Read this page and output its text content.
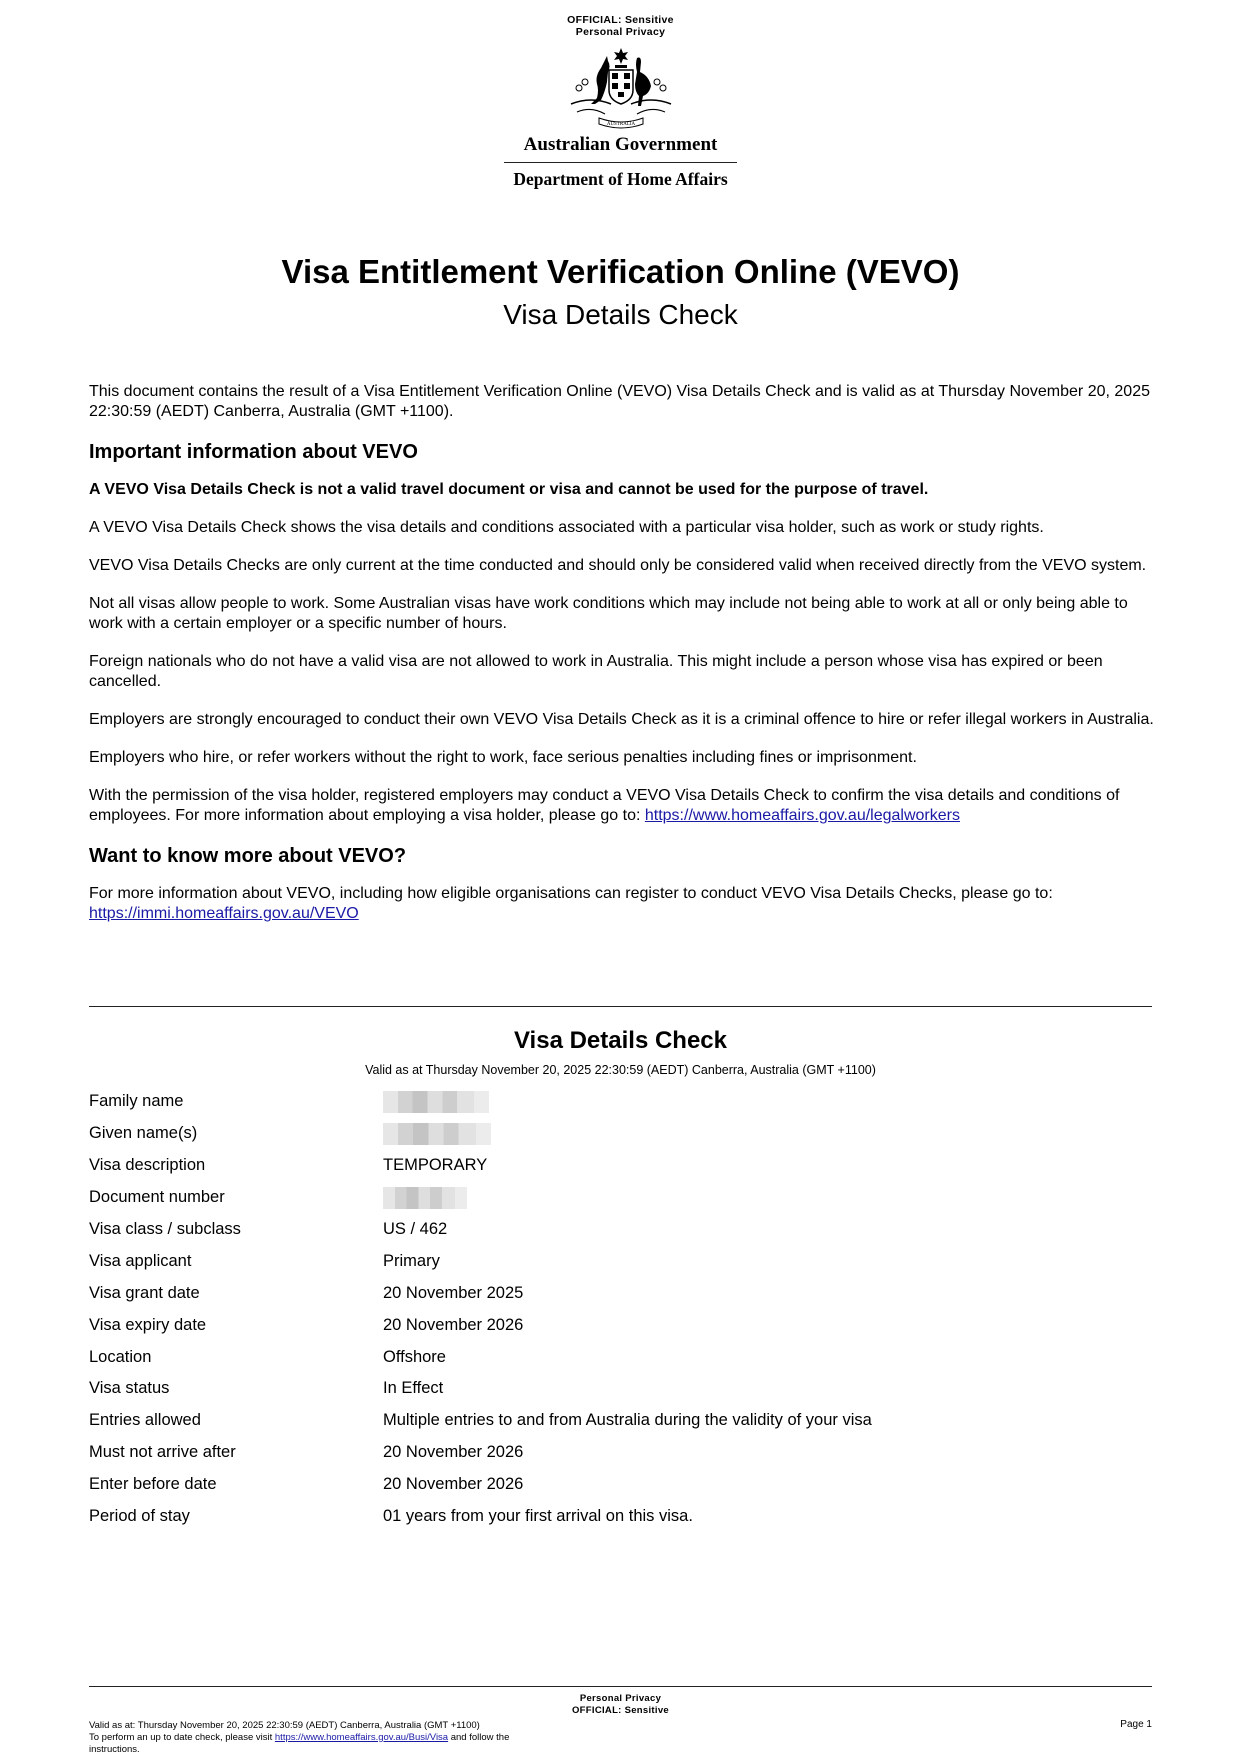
OFFICIAL: Sensitive
Personal Privacy
AUSTRALIA
Australian Government
Department of Home Affairs
Visa Entitlement Verification Online (VEVO)
Visa Details Check

This document contains the result of a Visa Entitlement Verification Online (VEVO) Visa Details Check and is valid as at Thursday November 20, 2025 22:30:59 (AEDT) Canberra, Australia (GMT +1100).

Important information about VEVO

A VEVO Visa Details Check is not a valid travel document or visa and cannot be used for the purpose of travel.

A VEVO Visa Details Check shows the visa details and conditions associated with a particular visa holder, such as work or study rights.

VEVO Visa Details Checks are only current at the time conducted and should only be considered valid when received directly from the VEVO system.

Not all visas allow people to work. Some Australian visas have work conditions which may include not being able to work at all or only being able to work with a certain employer or a specific number of hours.

Foreign nationals who do not have a valid visa are not allowed to work in Australia. This might include a person whose visa has expired or been cancelled.

Employers are strongly encouraged to conduct their own VEVO Visa Details Check as it is a criminal offence to hire or refer illegal workers in Australia.

Employers who hire, or refer workers without the right to work, face serious penalties including fines or imprisonment.

With the permission of the visa holder, registered employers may conduct a VEVO Visa Details Check to confirm the visa details and conditions of employees. For more information about employing a visa holder, please go to: https://www.homeaffairs.gov.au/legalworkers

Want to know more about VEVO?

For more information about VEVO, including how eligible organisations can register to conduct VEVO Visa Details Checks, please go to: https://immi.homeaffairs.gov.au/VEVO

Visa Details Check
Valid as at Thursday November 20, 2025 22:30:59 (AEDT) Canberra, Australia (GMT +1100)
Family name
Given name(s)
Visa description	TEMPORARY
Document number
Visa class / subclass	US / 462
Visa applicant	Primary
Visa grant date	20 November 2025
Visa expiry date	20 November 2026
Location	Offshore
Visa status	In Effect
Entries allowed	Multiple entries to and from Australia during the validity of your visa
Must not arrive after	20 November 2026
Enter before date	20 November 2026
Period of stay	01 years from your first arrival on this visa.
Personal Privacy
OFFICIAL: Sensitive
Valid as at: Thursday November 20, 2025 22:30:59 (AEDT) Canberra, Australia (GMT +1100)
To perform an up to date check, please visit https://www.homeaffairs.gov.au/Busi/Visa and follow the instructions.
Page 1
